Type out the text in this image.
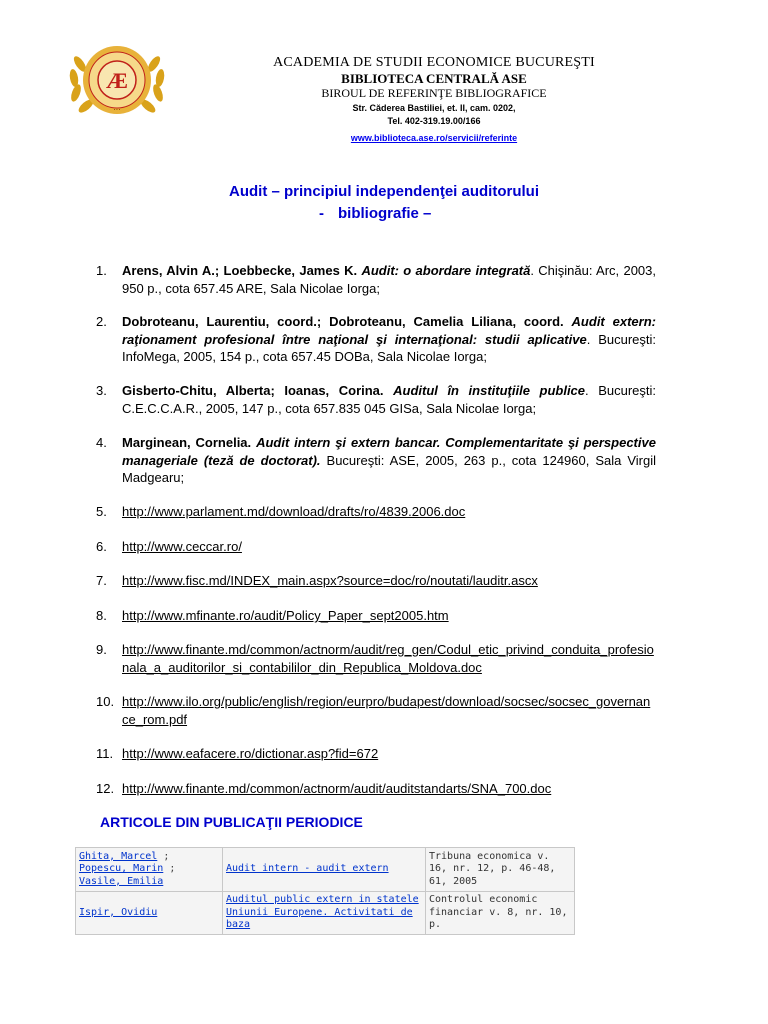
Æ
• • •
ACADEMIA DE STUDII ECONOMICE BUCUREŞTI
BIBLIOTECA CENTRALĂ ASE
BIROUL DE REFERINŢE BIBLIOGRAFICE
Str. Căderea Bastiliei, et. II, cam. 0202,
Tel. 402-319.19.00/166
www.biblioteca.ase.ro/servicii/referinte
Audit – principiul independenţei auditorului
- bibliografie –
1.	Arens, Alvin A.; Loebbecke, James K. Audit: o abordare integrată. Chişinău: Arc, 2003, 950 p., cota 657.45 ARE, Sala Nicolae Iorga;
2.	Dobroteanu, Laurentiu, coord.; Dobroteanu, Camelia Liliana, coord. Audit extern: raţionament profesional între naţional şi internaţional: studii aplicative. Bucureşti: InfoMega, 2005, 154 p., cota 657.45 DOBa, Sala Nicolae Iorga;
3.	Gisberto-Chitu, Alberta; Ioanas, Corina. Auditul în instituţiile publice. Bucureşti: C.E.C.C.A.R., 2005, 147 p., cota 657.835 045 GISa, Sala Nicolae Iorga;
4.	Marginean, Cornelia. Audit intern şi extern bancar. Complementaritate şi perspective manageriale (teză de doctorat). Bucureşti: ASE, 2005, 263 p., cota 124960, Sala Virgil Madgearu;
5.	http://www.parlament.md/download/drafts/ro/4839.2006.doc
6.	http://www.ceccar.ro/
7.	http://www.fisc.md/INDEX_main.aspx?source=doc/ro/noutati/lauditr.ascx
8.	http://www.mfinante.ro/audit/Policy_Paper_sept2005.htm
9.	http://www.finante.md/common/actnorm/audit/reg_gen/Codul_etic_privind_conduita_profesionala_a_auditorilor_si_contabililor_din_Republica_Moldova.doc
10. http://www.ilo.org/public/english/region/eurpro/budapest/download/socsec/socsec_governance_rom.pdf
11. http://www.eafacere.ro/dictionar.asp?fid=672
12. http://www.finante.md/common/actnorm/audit/auditstandarts/SNA_700.doc
ARTICOLE DIN PUBLICAŢII PERIODICE
Ghita, Marcel ; Popescu, Marin ; Vasile, Emilia	Audit intern - audit extern	Tribuna economica v. 16, nr. 12, p. 46-48, 61, 2005
Ispir, Ovidiu	Auditul public extern in statele Uniunii Europene. Activitati de baza	Controlul economic financiar v. 8, nr. 10, p.
